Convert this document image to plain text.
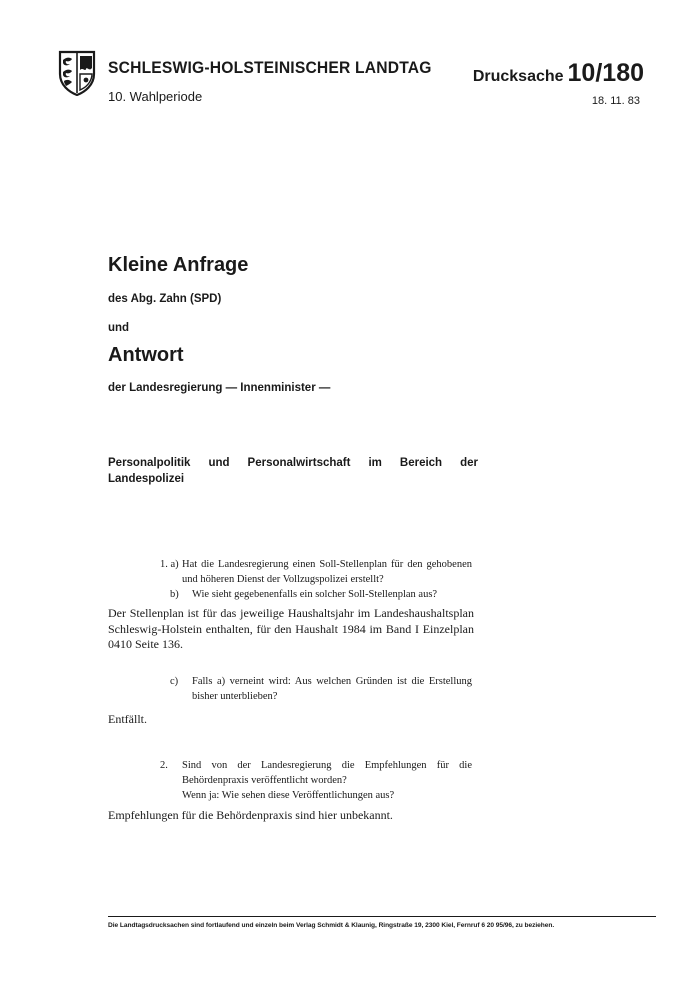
SCHLESWIG-HOLSTEINISCHER LANDTAG
10. Wahlperiode
Drucksache 10/180
18. 11. 83
Kleine Anfrage
des Abg. Zahn (SPD)
und
Antwort
der Landesregierung — Innenminister —
Personalpolitik und Personalwirtschaft im Bereich der Landespolizei
1. a) Hat die Landesregierung einen Soll-Stellenplan für den gehobenen und höheren Dienst der Vollzugspolizei erstellt?
b)	Wie sieht gegebenenfalls ein solcher Soll-Stellenplan aus?
Der Stellenplan ist für das jeweilige Haushaltsjahr im Landeshaushaltsplan Schleswig-Holstein enthalten, für den Haushalt 1984 im Band I Einzelplan 0410 Seite 136.
c)	Falls a) verneint wird: Aus welchen Gründen ist die Erstellung bisher unterblieben?
Entfällt.
2.	Sind von der Landesregierung die Empfehlungen für die Behördenpraxis veröffentlicht worden?
Wenn ja: Wie sehen diese Veröffentlichungen aus?
Empfehlungen für die Behördenpraxis sind hier unbekannt.
Die Landtagsdrucksachen sind fortlaufend und einzeln beim Verlag Schmidt & Klaunig, Ringstraße 19, 2300 Kiel, Fernruf 6 20 95/96, zu beziehen.
